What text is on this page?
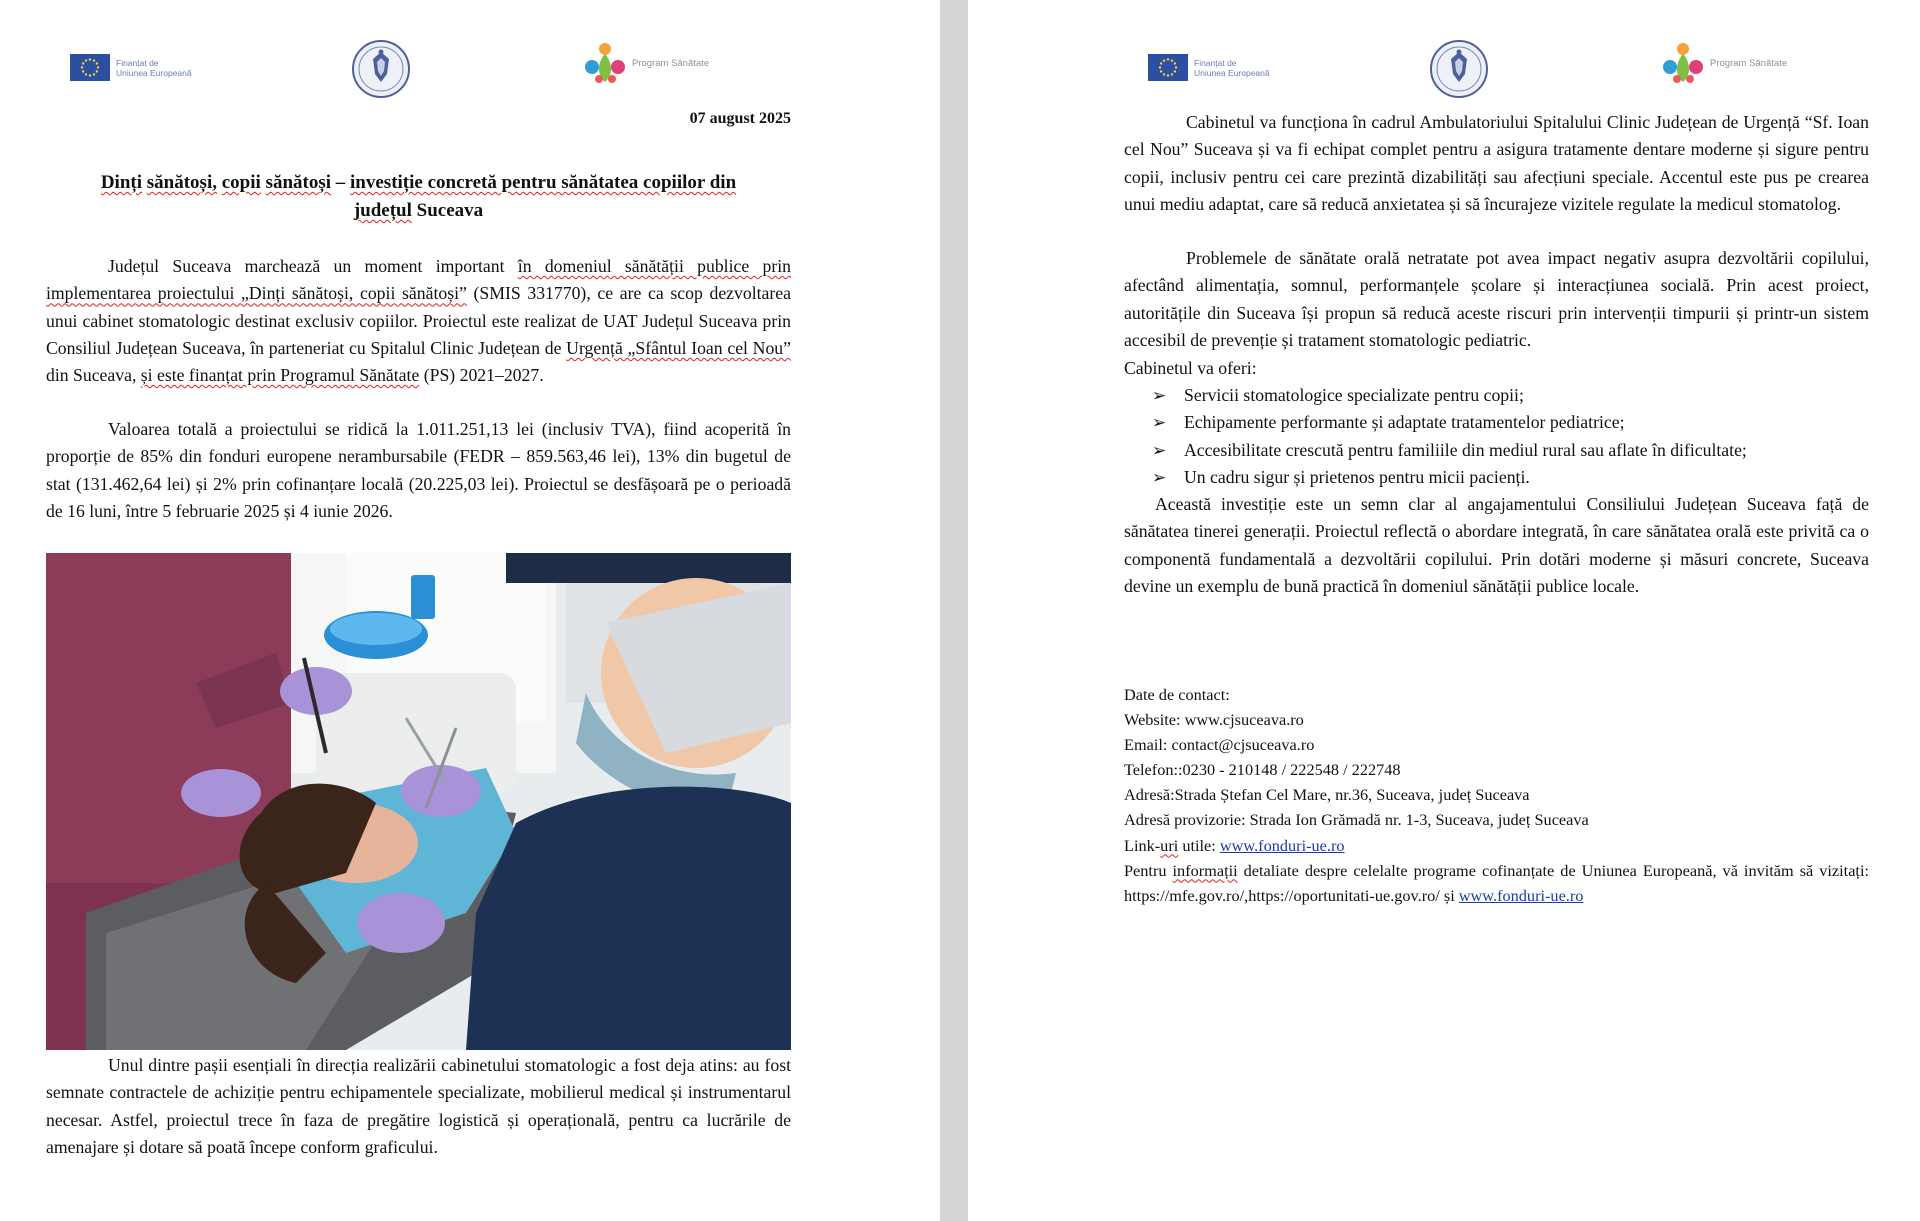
Finanțat de
Uniunea Europeană
Program Sănătate
07 august 2025
Dinți sănătoși, copii sănătoși – investiție concretă pentru sănătatea copiilor din
județul Suceava

Județul Suceava marchează un moment important în domeniul sănătății publice prin implementarea proiectului „Dinți sănătoși, copii sănătoși” (SMIS 331770), ce are ca scop dezvoltarea unui cabinet stomatologic destinat exclusiv copiilor. Proiectul este realizat de UAT Județul Suceava prin Consiliul Județean Suceava, în parteneriat cu Spitalul Clinic Județean de Urgență „Sfântul Ioan cel Nou” din Suceava, și este finanțat prin Programul Sănătate (PS) 2021–2027.

Valoarea totală a proiectului se ridică la 1.011.251,13 lei (inclusiv TVA), fiind acoperită în proporție de 85% din fonduri europene nerambursabile (FEDR – 859.563,46 lei), 13% din bugetul de stat (131.462,64 lei) și 2% prin cofinanțare locală (20.225,03 lei). Proiectul se desfășoară pe o perioadă de 16 luni, între 5 februarie 2025 și 4 iunie 2026.

Unul dintre pașii esențiali în direcția realizării cabinetului stomatologic a fost deja atins: au fost semnate contractele de achiziție pentru echipamentele specializate, mobilierul medical și instrumentarul necesar. Astfel, proiectul trece în faza de pregătire logistică și operațională, pentru ca lucrările de amenajare și dotare să poată începe conform graficului.

Finanțat de
Uniunea Europeană
Program Sănătate

Cabinetul va funcționa în cadrul Ambulatoriului Spitalului Clinic Județean de Urgență “Sf. Ioan cel Nou” Suceava și va fi echipat complet pentru a asigura tratamente dentare moderne și sigure pentru copii, inclusiv pentru cei care prezintă dizabilități sau afecțiuni speciale. Accentul este pus pe crearea unui mediu adaptat, care să reducă anxietatea și să încurajeze vizitele regulate la medicul stomatolog.

Problemele de sănătate orală netratate pot avea impact negativ asupra dezvoltării copilului, afectând alimentația, somnul, performanțele școlare și interacțiunea socială. Prin acest proiect, autoritățile din Suceava își propun să reducă aceste riscuri prin intervenții timpurii și printr-un sistem accesibil de prevenție și tratament stomatologic pediatric.

Cabinetul va oferi:
➢ Servicii stomatologice specializate pentru copii;
➢ Echipamente performante și adaptate tratamentelor pediatrice;
➢ Accesibilitate crescută pentru familiile din mediul rural sau aflate în dificultate;
➢ Un cadru sigur și prietenos pentru micii pacienți.

Această investiție este un semn clar al angajamentului Consiliului Județean Suceava față de sănătatea tinerei generații. Proiectul reflectă o abordare integrată, în care sănătatea orală este privită ca o componentă fundamentală a dezvoltării copilului. Prin dotări moderne și măsuri concrete, Suceava devine un exemplu de bună practică în domeniul sănătății publice locale.

Date de contact:
Website: www.cjsuceava.ro
Email: contact@cjsuceava.ro
Telefon::0230 - 210148 / 222548 / 222748
Adresă:Strada Ștefan Cel Mare, nr.36, Suceava, județ Suceava
Adresă provizorie: Strada Ion Grămadă nr. 1-3, Suceava, județ Suceava
Link-uri utile: www.fonduri-ue.ro
Pentru informații detaliate despre celelalte programe cofinanțate de Uniunea Europeană, vă invităm să vizitați: https://mfe.gov.ro/,https://oportunitati-ue.gov.ro/ și www.fonduri-ue.ro
